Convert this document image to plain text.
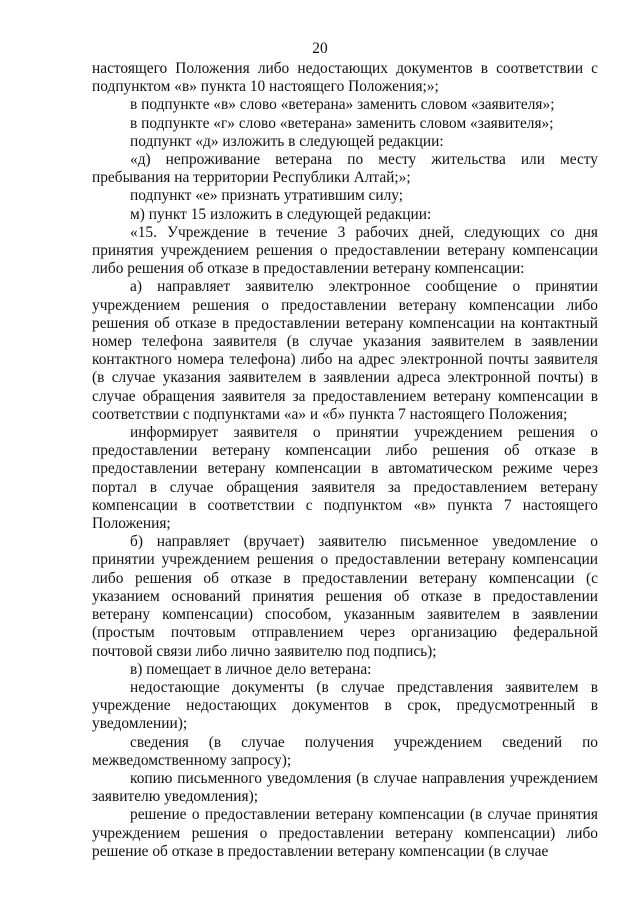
20

настоящего Положения либо недостающих документов в соответствии с подпунктом «в» пункта 10 настоящего Положения;»;

в подпункте «в» слово «ветерана» заменить словом «заявителя»;

в подпункте «г» слово «ветерана» заменить словом «заявителя»;

подпункт «д» изложить в следующей редакции:

«д) непроживание ветерана по месту жительства или месту пребывания на территории Республики Алтай;»;

подпункт «е» признать утратившим силу;

м) пункт 15 изложить в следующей редакции:

«15. Учреждение в течение 3 рабочих дней, следующих со дня принятия учреждением решения о предоставлении ветерану компенсации либо решения об отказе в предоставлении ветерану компенсации:

а) направляет заявителю электронное сообщение о принятии учреждением решения о предоставлении ветерану компенсации либо решения об отказе в предоставлении ветерану компенсации на контактный номер телефона заявителя (в случае указания заявителем в заявлении контактного номера телефона) либо на адрес электронной почты заявителя (в случае указания заявителем в заявлении адреса электронной почты) в случае обращения заявителя за предоставлением ветерану компенсации в соответствии с подпунктами «а» и «б» пункта 7 настоящего Положения;

информирует заявителя о принятии учреждением решения о предоставлении ветерану компенсации либо решения об отказе в предоставлении ветерану компенсации в автоматическом режиме через портал в случае обращения заявителя за предоставлением ветерану компенсации в соответствии с подпунктом «в» пункта 7 настоящего Положения;

б) направляет (вручает) заявителю письменное уведомление о принятии учреждением решения о предоставлении ветерану компенсации либо решения об отказе в предоставлении ветерану компенсации (с указанием оснований принятия решения об отказе в предоставлении ветерану компенсации) способом, указанным заявителем в заявлении (простым почтовым отправлением через организацию федеральной почтовой связи либо лично заявителю под подпись);

в) помещает в личное дело ветерана:

недостающие документы (в случае представления заявителем в учреждение недостающих документов в срок, предусмотренный в уведомлении);

сведения (в случае получения учреждением сведений по межведомственному запросу);

копию письменного уведомления (в случае направления учреждением заявителю уведомления);

решение о предоставлении ветерану компенсации (в случае принятия учреждением решения о предоставлении ветерану компенсации) либо решение об отказе в предоставлении ветерану компенсации (в случае
